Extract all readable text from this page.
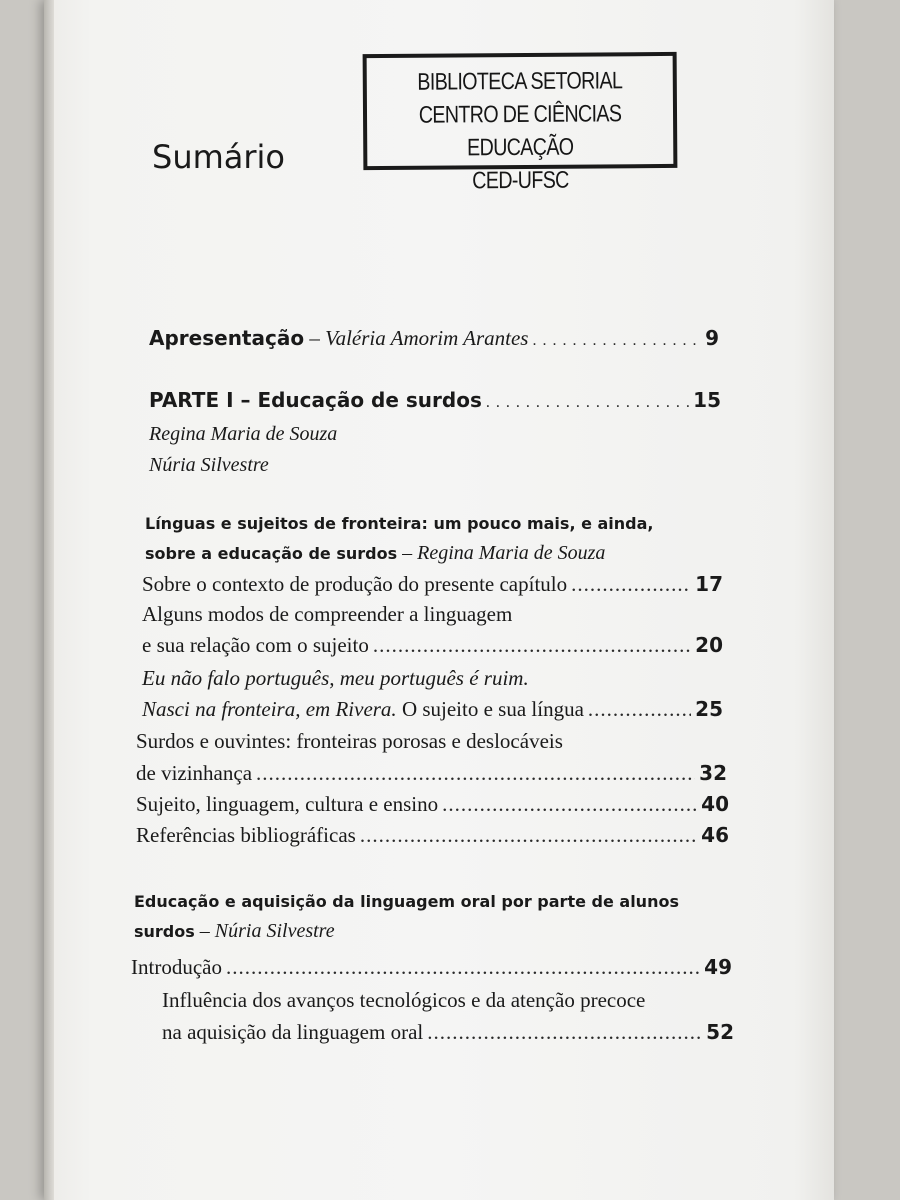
BIBLIOTECA SETORIAL
CENTRO DE CIÊNCIAS EDUCAÇÃO
CED-UFSC
Sumário
Apresentação – Valéria Amorim Arantes . . .	9
PARTE I – Educação de surdos . . .	15
Regina Maria de Souza
Núria Silvestre
Línguas e sujeitos de fronteira: um pouco mais, e ainda,
sobre a educação de surdos – Regina Maria de Souza
Sobre o contexto de produção do presente capítulo .....	17
Alguns modos de compreender a linguagem
e sua relação com o sujeito .....	20
Eu não falo português, meu português é ruim.
Nasci na fronteira, em Rivera. O sujeito e sua língua .....	25
Surdos e ouvintes: fronteiras porosas e deslocáveis
de vizinhança .....	32
Sujeito, linguagem, cultura e ensino .....	40
Referências bibliográficas .....	46
Educação e aquisição da linguagem oral por parte de alunos
surdos – Núria Silvestre
Introdução .....	49
Influência dos avanços tecnológicos e da atenção precoce
na aquisição da linguagem oral .....	52
